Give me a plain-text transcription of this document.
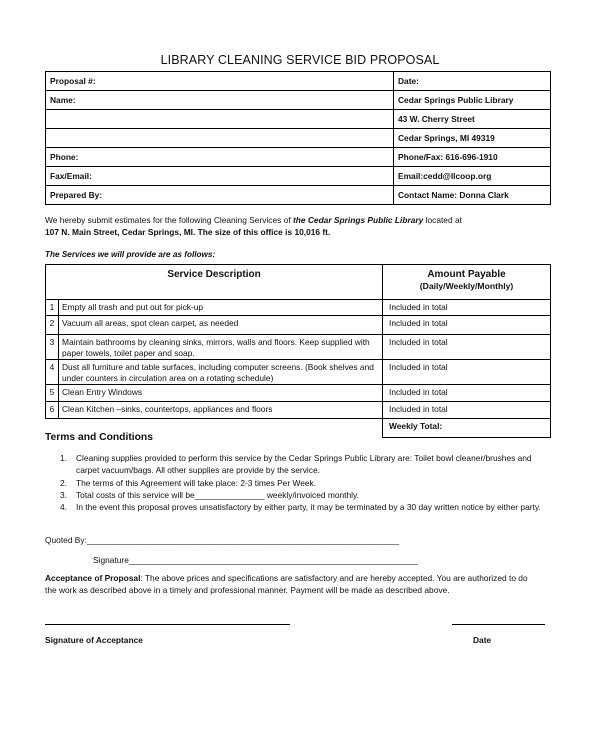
LIBRARY CLEANING SERVICE BID PROPOSAL
Proposal #:	Date:
Name:	Cedar Springs Public Library
	43 W. Cherry Street
	Cedar Springs, MI 49319
Phone:	Phone/Fax: 616-696-1910
Fax/Email:	Email:cedd@llcoop.org
Prepared By:	Contact Name: Donna Clark
We hereby submit estimates for the following Cleaning Services of the Cedar Springs Public Library located at
107 N. Main Street, Cedar Springs, MI. The size of this office is 10,016 ft.
The Services we will provide are as follows:
Service Description		Amount Payable
(Daily/Weekly/Monthly)

1	Empty all trash and put out for pick-up	Included in total
2	Vacuum all areas, spot clean carpet, as needed	Included in total
3	Maintain bathrooms by cleaning sinks, mirrors, walls and floors. Keep supplied with paper towels, toilet paper and soap.	Included in total
4	Dust all furniture and table surfaces, including computer screens. (Book shelves and under counters in circulation area on a rotating schedule)	Included in total
5	Clean Entry Windows	Included in total
6	Clean Kitchen –sinks, countertops, appliances and floors	Included in total
		Weekly Total:
Terms and Conditions
1.	Cleaning supplies provided to perform this service by the Cedar Springs Public Library are: Toilet bowl cleaner/brushes and carpet vacuum/bags. All other supplies are provide by the service.
2.	The terms of this Agreement will take place: 2-3 times Per Week.
3.	Total costs of this service will be_______________ weekly/invoiced monthly.
4.	In the event this proposal proves unsatisfactory by either party, it may be terminated by a 30 day written notice by either party.
Quoted By:___________________________________________________________________
Signature______________________________________________________________
Acceptance of Proposal: The above prices and specifications are satisfactory and are hereby accepted. You are authorized to do the work as described above in a timely and professional manner. Payment will be made as described above.
Signature of Acceptance	Date
